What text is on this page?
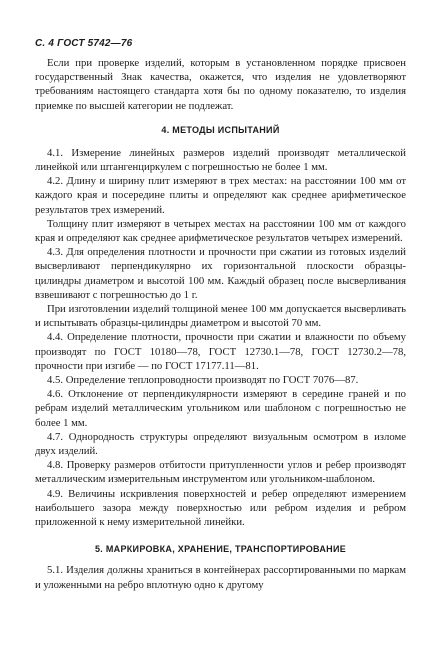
С. 4 ГОСТ 5742—76

Если при проверке изделий, которым в установленном порядке присвоен государственный Знак качества, окажется, что изделия не удовлетворяют требованиям настоящего стандарта хотя бы по одному показателю, то изделия приемке по высшей категории не подлежат.

4. МЕТОДЫ ИСПЫТАНИЙ

4.1. Измерение линейных размеров изделий производят металлической линейкой или штангенциркулем с погрешностью не более 1 мм.

4.2. Длину и ширину плит измеряют в трех местах: на расстоянии 100 мм от каждого края и посередине плиты и определяют как среднее арифметическое результатов трех измерений.

Толщину плит измеряют в четырех местах на расстоянии 100 мм от каждого края и определяют как среднее арифметическое результатов четырех измерений.

4.3. Для определения плотности и прочности при сжатии из готовых изделий высверливают перпендикулярно их горизонтальной плоскости образцы-цилиндры диаметром и высотой 100 мм. Каждый образец после высверливания взвешивают с погрешностью до 1 г.

При изготовлении изделий толщиной менее 100 мм допускается высверливать и испытывать образцы-цилиндры диаметром и высотой 70 мм.

4.4. Определение плотности, прочности при сжатии и влажности по объему производят по ГОСТ 10180—78, ГОСТ 12730.1—78, ГОСТ 12730.2—78, прочности при изгибе — по ГОСТ 17177.11—81.

4.5. Определение теплопроводности производят по ГОСТ 7076—87.

4.6. Отклонение от перпендикулярности измеряют в середине граней и по ребрам изделий металлическим угольником или шаблоном с погрешностью не более 1 мм.

4.7. Однородность структуры определяют визуальным осмотром в изломе двух изделий.

4.8. Проверку размеров отбитости притупленности углов и ребер производят металлическим измерительным инструментом или угольником-шаблоном.

4.9. Величины искривления поверхностей и ребер определяют измерением наибольшего зазора между поверхностью или ребром изделия и ребром приложенной к нему измерительной линейки.

5. МАРКИРОВКА, ХРАНЕНИЕ, ТРАНСПОРТИРОВАНИЕ

5.1. Изделия должны храниться в контейнерах рассортированными по маркам и уложенными на ребро вплотную одно к другому
